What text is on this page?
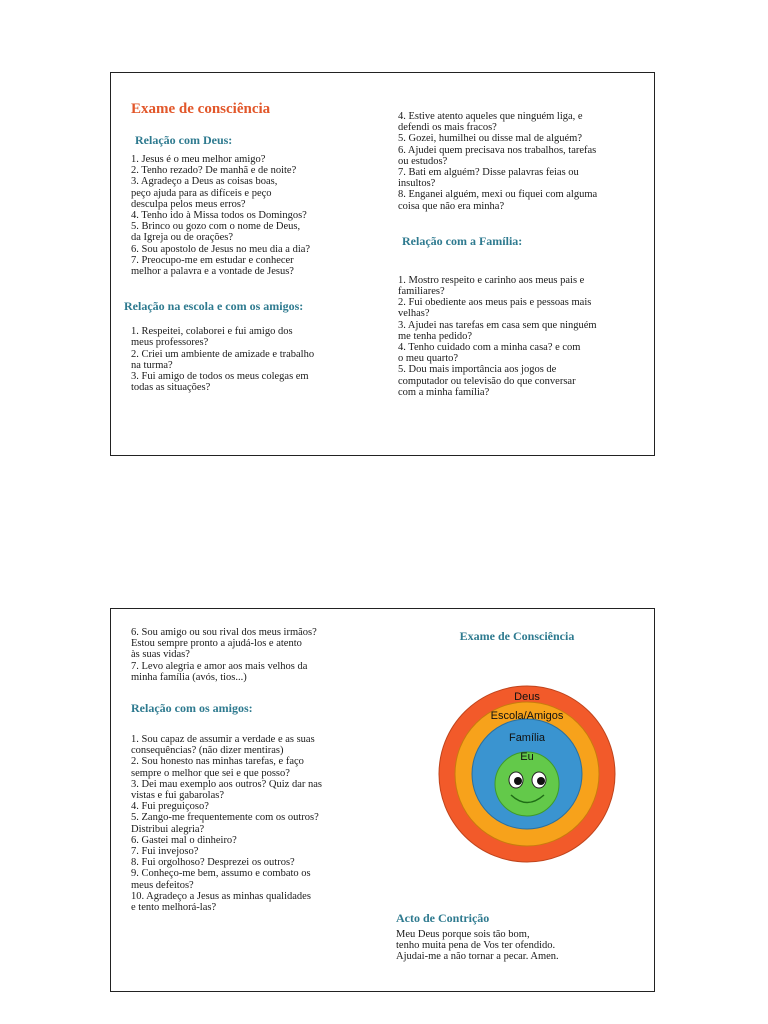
Exame de consciência
Relação com Deus:

1. Jesus é o meu melhor amigo?

2. Tenho rezado? De manhã e de noite?

3. Agradeço a Deus as coisas boas,

peço ajuda para as difíceis e peço

desculpa pelos meus erros?

4. Tenho ido à Missa todos os Domingos?

5. Brinco ou gozo com o nome de Deus,

da Igreja ou de orações?

6. Sou apostolo de Jesus no meu dia a dia?

7. Preocupo-me em estudar e conhecer

melhor a palavra e a vontade de Jesus?

Relação na escola e com os amigos:

1. Respeitei, colaborei e fui amigo dos

meus professores?

2. Criei um ambiente de amizade e trabalho

na turma?

3. Fui amigo de todos os meus colegas em

todas as situações?

4. Estive atento aqueles que ninguém liga, e

defendi os mais fracos?

5. Gozei, humilhei ou disse mal de alguém?

6. Ajudei quem precisava nos trabalhos, tarefas

ou estudos?

7. Bati em alguém? Disse palavras feias ou

insultos?

8. Enganei alguém, mexi ou fiquei com alguma

coisa que não era minha?

Relação com a Família:

1. Mostro respeito e carinho aos meus pais e

familiares?

2. Fui obediente aos meus pais e pessoas mais

velhas?

3. Ajudei nas tarefas em casa sem que ninguém

me tenha pedido?

4. Tenho cuidado com a minha casa? e com

o meu quarto?

5. Dou mais importância aos jogos de

computador ou televisão do que conversar

com a minha família?

6. Sou amigo ou sou rival dos meus irmãos?

Estou sempre pronto a ajudá-los e atento

às suas vidas?

7. Levo alegria e amor aos mais velhos da

minha família (avós, tios...)

Relação com os amigos:

1. Sou capaz de assumir a verdade e as suas

consequências? (não dizer mentiras)

2. Sou honesto nas minhas tarefas, e faço

sempre o melhor que sei e que posso?

3. Dei mau exemplo aos outros? Quiz dar nas

vistas e fui gabarolas?

4. Fui preguiçoso?

5. Zango-me frequentemente com os outros?

Distribui alegria?

6. Gastei mal o dinheiro?

7. Fui invejoso?

8. Fui orgolhoso? Desprezei os outros?

9. Conheço-me bem, assumo e combato os

meus defeitos?

10. Agradeço a Jesus as minhas qualidades

e tento melhorá-las?

Exame de Consciência
Deus
Escola/Amigos
Família
Eu
Acto de Contrição

Meu Deus porque sois tão bom,

tenho muita pena de Vos ter ofendido.

Ajudai-me a não tornar a pecar. Amen.
